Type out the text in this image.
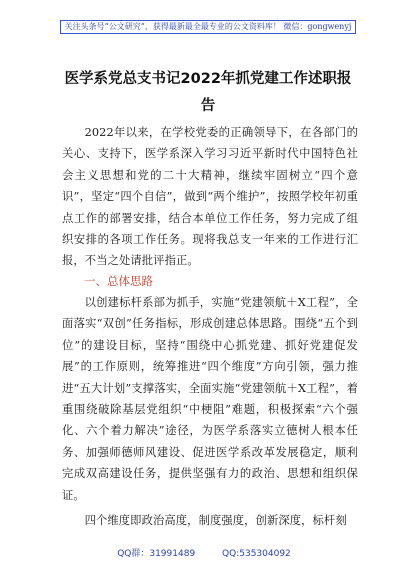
关注头条号“公文研究”，获得最新最全最专业的公文资料库！ 微信：gongwenyj
医学系党总支书记2022年抓党建工作述职报告

2022年以来，在学校党委的正确领导下，在各部门的关心、支持下，医学系深入学习习近平新时代中国特色社会主义思想和党的二十大精神，继续牢固树立“四个意识”，坚定“四个自信”，做到“两个维护”，按照学校年初重点工作的部署安排，结合本单位工作任务，努力完成了组织安排的各项工作任务。现将我总支一年来的工作进行汇报，不当之处请批评指正。

一、总体思路

以创建标杆系部为抓手，实施“党建领航＋X工程”，全面落实“双创”任务指标，形成创建总体思路。围绕“五个到位”的建设目标，坚持“围绕中心抓党建、抓好党建促发展”的工作原则，统筹推进“四个维度”方向引领，强力推进“五大计划”支撑落实，全面实施“党建领航＋X工程”，着重围绕破除基层党组织“中梗阻”难题，积极探索“六个强化、六个着力解决”途径，为医学系落实立德树人根本任务、加强师德师风建设、促进医学系改革发展稳定，顺利完成双高建设任务，提供坚强有力的政治、思想和组织保证。

四个维度即政治高度，制度强度，创新深度，标杆刻

QQ群：31991489	QQ:535304092
